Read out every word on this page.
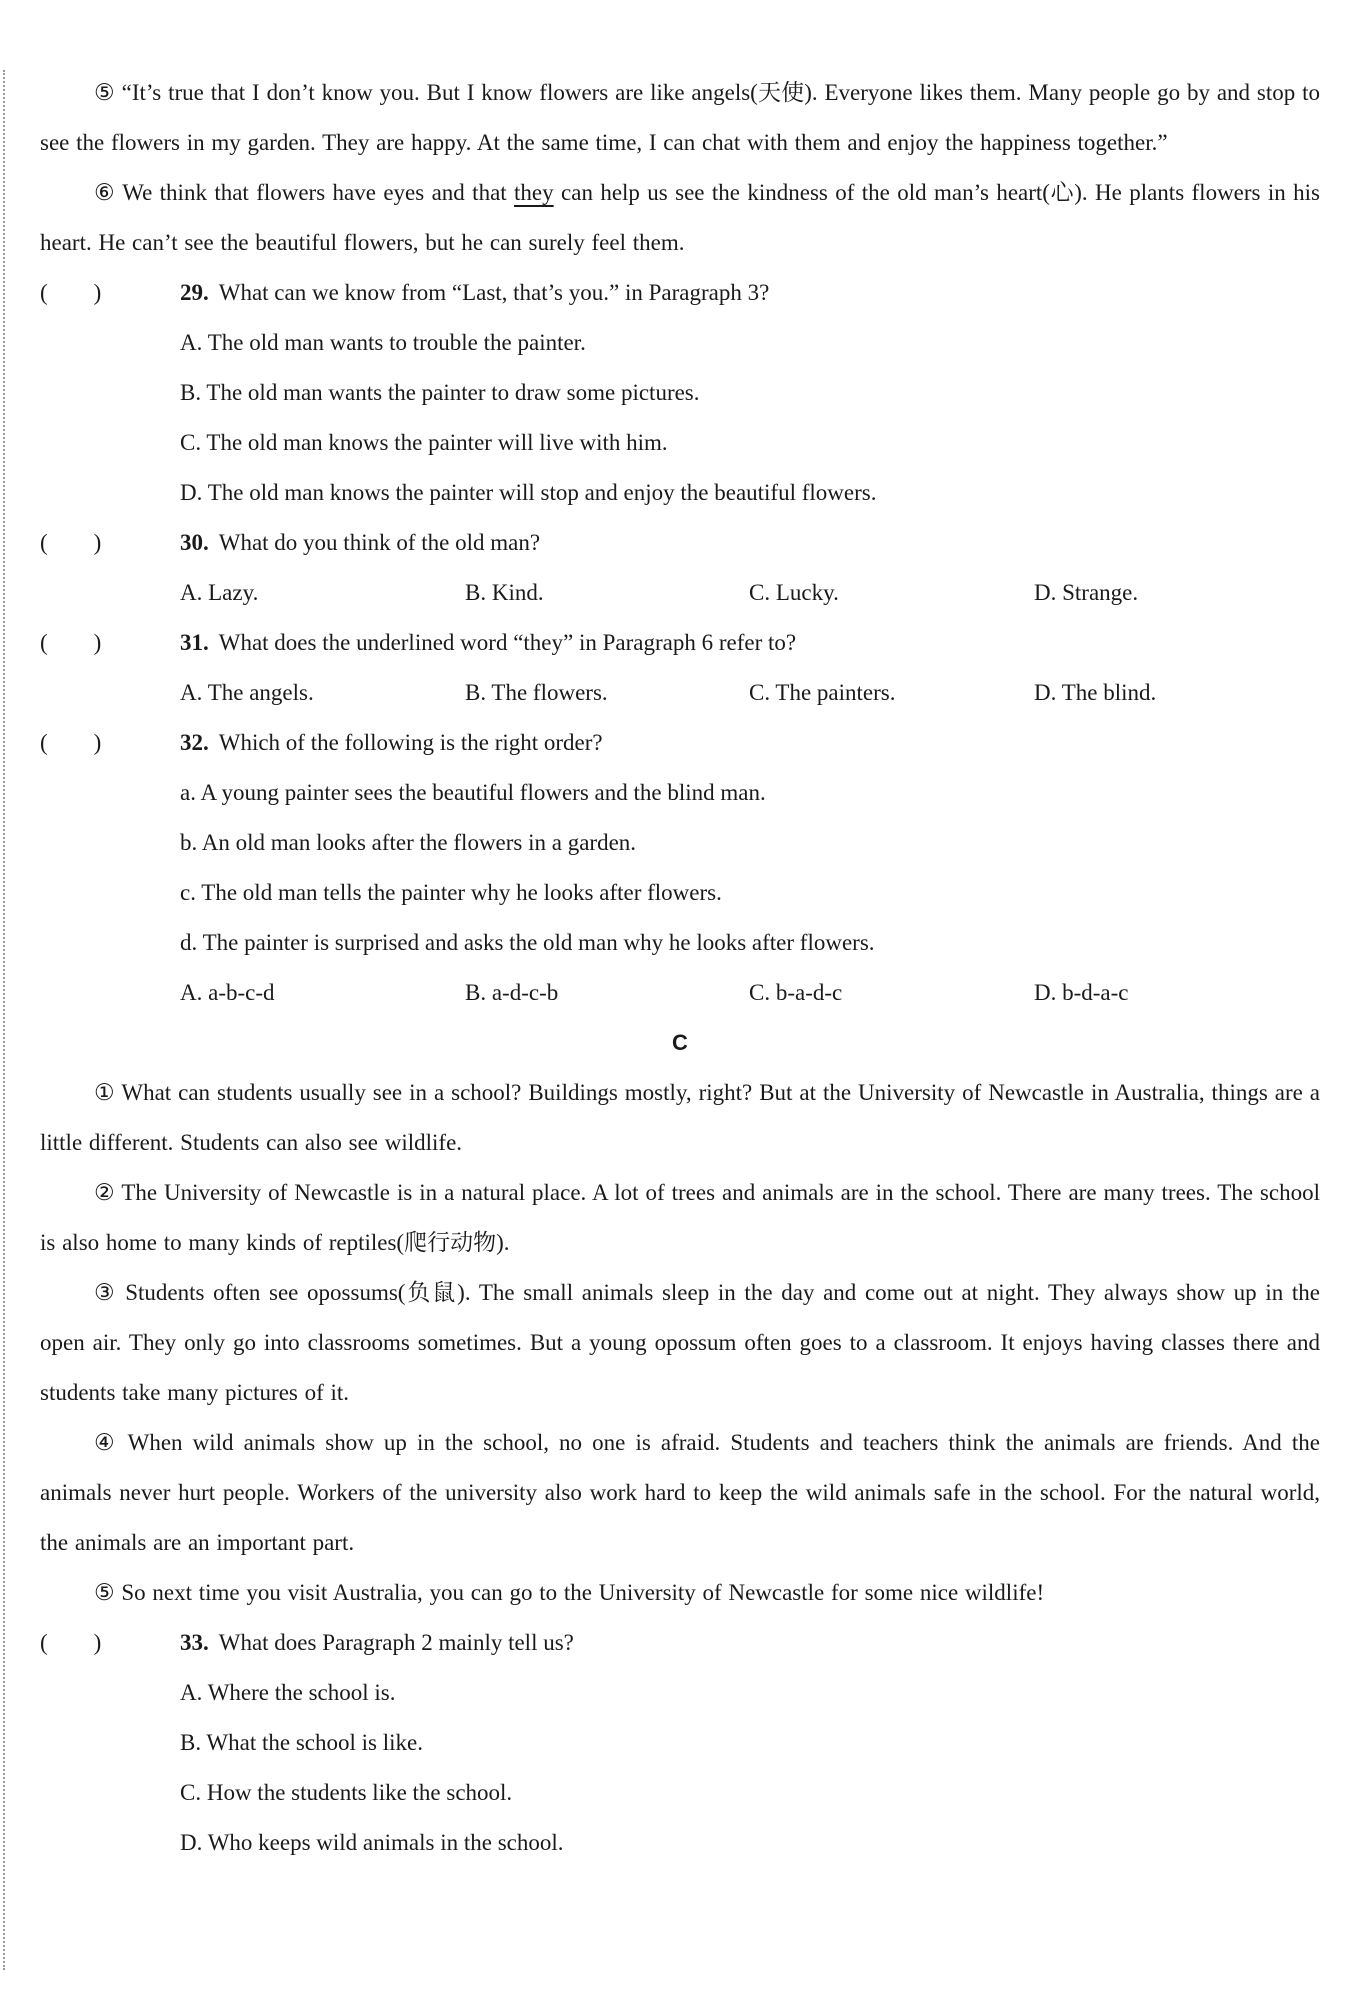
⑤ “It’s true that I don’t know you. But I know flowers are like angels(天使). Everyone likes them. Many people go by and stop to see the flowers in my garden. They are happy. At the same time, I can chat with them and enjoy the happiness together.”

⑥ We think that flowers have eyes and that they can help us see the kindness of the old man’s heart(心). He plants flowers in his heart. He can’t see the beautiful flowers, but he can surely feel them.

(        )	29. What can we know from “Last, that’s you.” in Paragraph 3?
A. The old man wants to trouble the painter.
B. The old man wants the painter to draw some pictures.
C. The old man knows the painter will live with him.
D. The old man knows the painter will stop and enjoy the beautiful flowers.
(        )	30. What do you think of the old man?
A. Lazy.	B. Kind.	C. Lucky.	D. Strange.
(        )	31. What does the underlined word “they” in Paragraph 6 refer to?
A. The angels.	B. The flowers.	C. The painters.	D. The blind.
(        )	32. Which of the following is the right order?
a. A young painter sees the beautiful flowers and the blind man.
b. An old man looks after the flowers in a garden.
c. The old man tells the painter why he looks after flowers.
d. The painter is surprised and asks the old man why he looks after flowers.
A. a-b-c-d	B. a-d-c-b	C. b-a-d-c	D. b-d-a-c
C

① What can students usually see in a school? Buildings mostly, right? But at the University of Newcastle in Australia, things are a little different. Students can also see wildlife.

② The University of Newcastle is in a natural place. A lot of trees and animals are in the school. There are many trees. The school is also home to many kinds of reptiles(爬行动物).

③ Students often see opossums(负鼠). The small animals sleep in the day and come out at night. They always show up in the open air. They only go into classrooms sometimes. But a young opossum often goes to a classroom. It enjoys having classes there and students take many pictures of it.

④ When wild animals show up in the school, no one is afraid. Students and teachers think the animals are friends. And the animals never hurt people. Workers of the university also work hard to keep the wild animals safe in the school. For the natural world, the animals are an important part.

⑤ So next time you visit Australia, you can go to the University of Newcastle for some nice wildlife!

(        )	33. What does Paragraph 2 mainly tell us?
A. Where the school is.
B. What the school is like.
C. How the students like the school.
D. Who keeps wild animals in the school.
